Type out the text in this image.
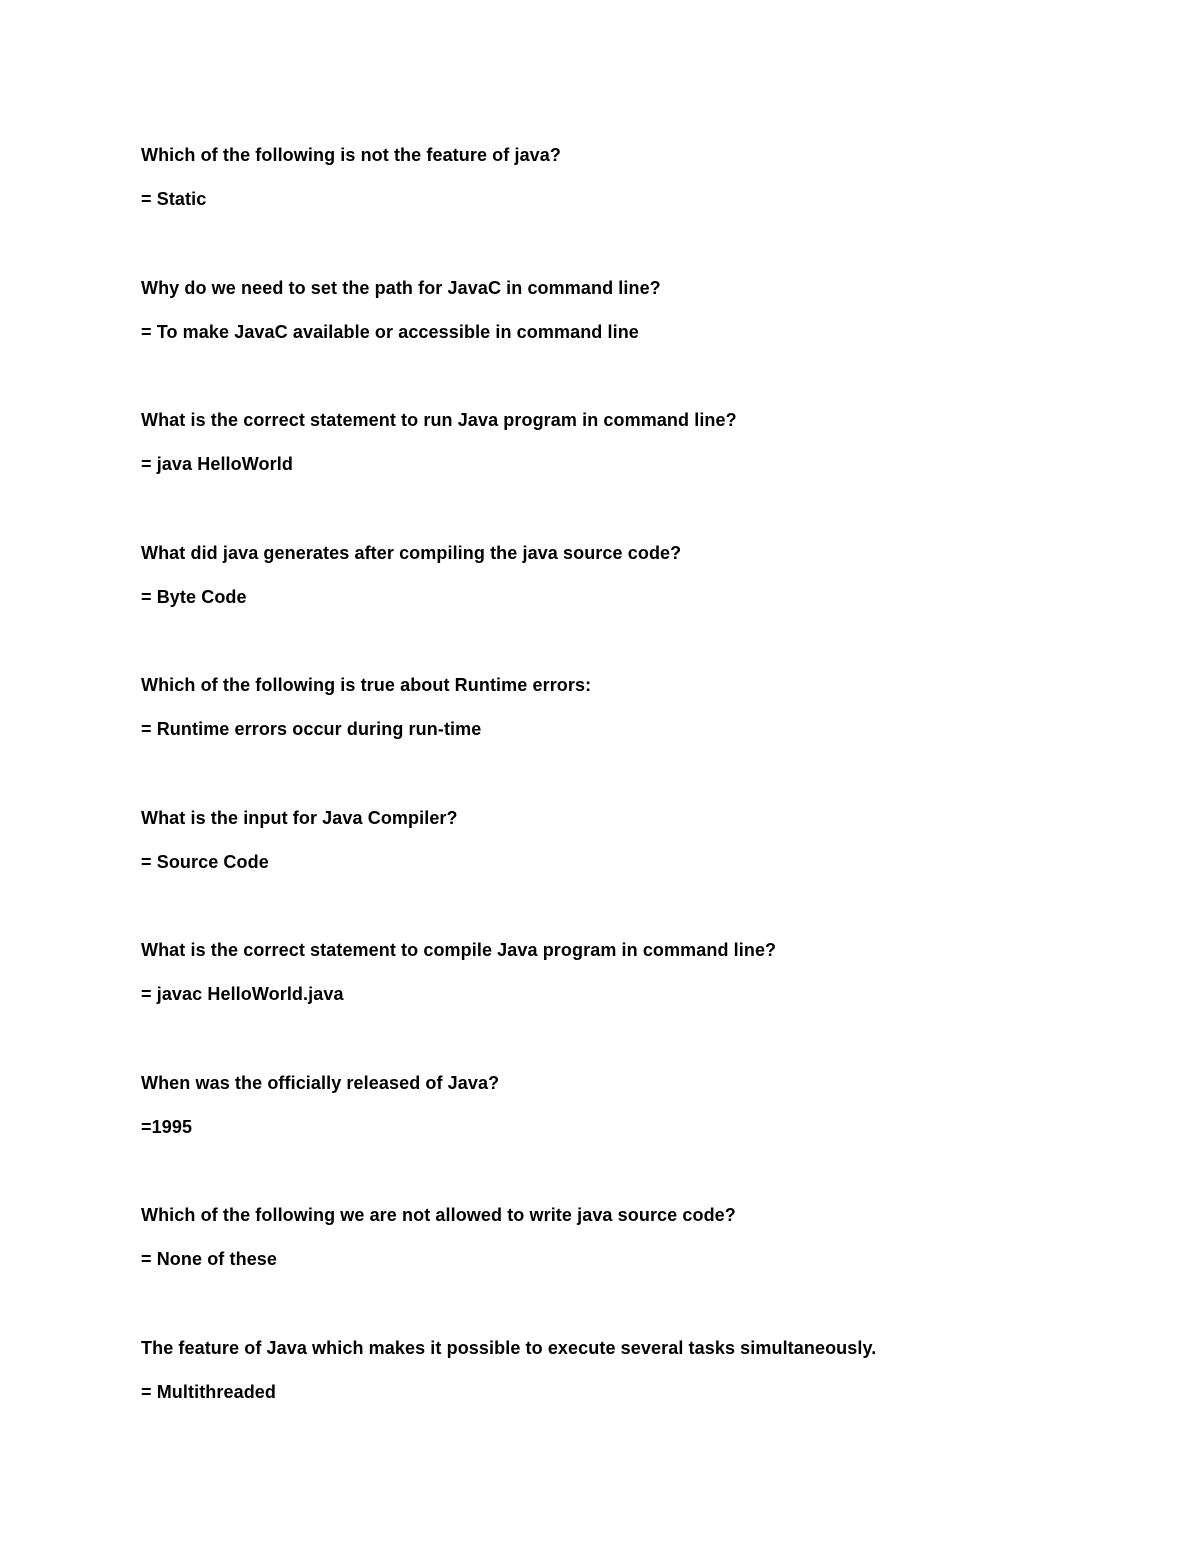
Which of the following is not the feature of java?
= Static
Why do we need to set the path for JavaC in command line?
= To make JavaC available or accessible in command line
What is the correct statement to run Java program in command line?
= java HelloWorld
What did java generates after compiling the java source code?
= Byte Code
Which of the following is true about Runtime errors:
= Runtime errors occur during run-time
What is the input for Java Compiler?
= Source Code
What is the correct statement to compile Java program in command line?
= javac HelloWorld.java
When was the officially released of Java?
=1995
Which of the following we are not allowed to write java source code?
= None of these
The feature of Java which makes it possible to execute several tasks simultaneously.
= Multithreaded
